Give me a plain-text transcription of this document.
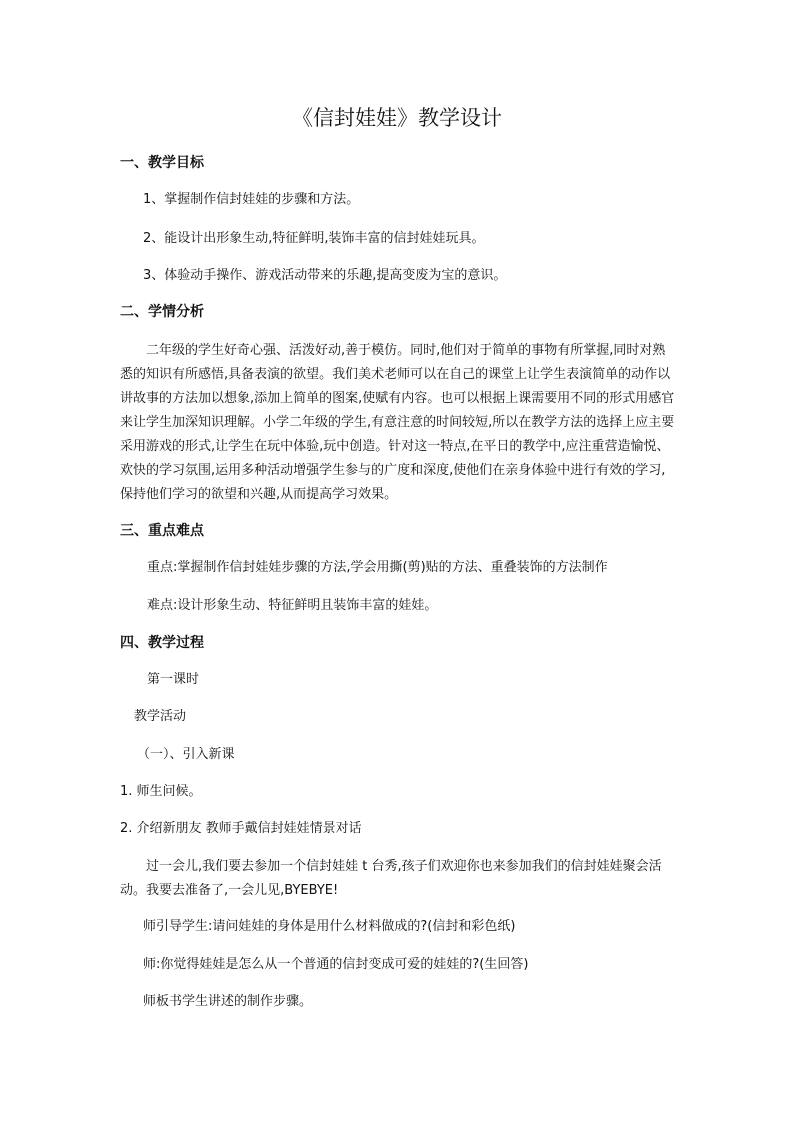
《信封娃娃》教学设计
一、教学目标

1、掌握制作信封娃娃的步骤和方法。

2、能设计出形象生动,特征鲜明,装饰丰富的信封娃娃玩具。

3、体验动手操作、游戏活动带来的乐趣,提高变废为宝的意识。

二、学情分析

二年级的学生好奇心强、活泼好动,善于模仿。同时,他们对于简单的事物有所掌握,同时对熟悉的知识有所感悟,具备表演的欲望。我们美术老师可以在自己的课堂上让学生表演简单的动作以讲故事的方法加以想象,添加上简单的图案,使赋有内容。也可以根据上课需要用不同的形式用感官来让学生加深知识理解。小学二年级的学生,有意注意的时间较短,所以在教学方法的选择上应主要采用游戏的形式,让学生在玩中体验,玩中创造。针对这一特点,在平日的教学中,应注重营造愉悦、欢快的学习氛围,运用多种活动增强学生参与的广度和深度,使他们在亲身体验中进行有效的学习,保持他们学习的欲望和兴趣,从而提高学习效果。

三、重点难点

重点:掌握制作信封娃娃步骤的方法,学会用撕(剪)贴的方法、重叠装饰的方法制作

难点:设计形象生动、特征鲜明且装饰丰富的娃娃。

四、教学过程

第一课时

教学活动

（一）、引入新课

1. 师生问候。

2. 介绍新朋友 教师手戴信封娃娃情景对话

过一会儿,我们要去参加一个信封娃娃 t 台秀,孩子们欢迎你也来参加我们的信封娃娃聚会活动。我要去准备了,一会儿见,BYEBYE!

师引导学生:请问娃娃的身体是用什么材料做成的?(信封和彩色纸)

师:你觉得娃娃是怎么从一个普通的信封变成可爱的娃娃的?(生回答)

师板书学生讲述的制作步骤。
